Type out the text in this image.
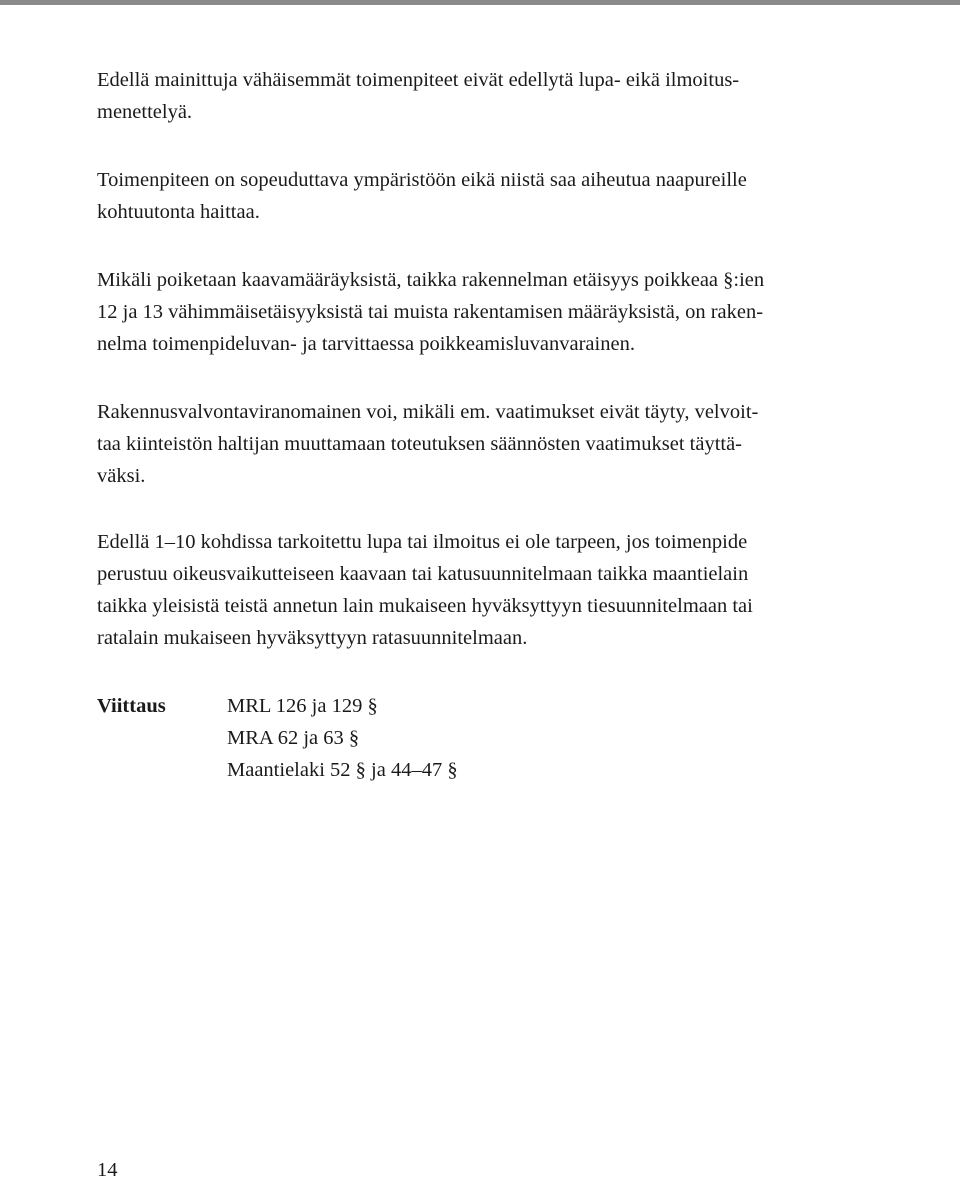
Edellä mainittuja vähäisemmät toimenpiteet eivät edellytä lupa- eikä ilmoitus-
menettelyä.

Toimenpiteen on sopeuduttava ympäristöön eikä niistä saa aiheutua naapureille
kohtuutonta haittaa.

Mikäli poiketaan kaavamääräyksistä, taikka rakennelman etäisyys poikkeaa §:ien
12 ja 13 vähimmäisetäisyyksistä tai muista rakentamisen määräyksistä, on raken-
nelma toimenpideluvan- ja tarvittaessa poikkeamisluvanvarainen.

Rakennusvalvontaviranomainen voi, mikäli em. vaatimukset eivät täyty, velvoit-
taa kiinteistön haltijan muuttamaan toteutuksen säännösten vaatimukset täyttä-
väksi.

Edellä 1–10 kohdissa tarkoitettu lupa tai ilmoitus ei ole tarpeen, jos toimenpide
perustuu oikeusvaikutteiseen kaavaan tai katusuunnitelmaan taikka maantielain
taikka yleisistä teistä annetun lain mukaiseen hyväksyttyyn tiesuunnitelmaan tai
ratalain mukaiseen hyväksyttyyn ratasuunnitelmaan.

Viittaus	MRL 126 ja 129 §
MRA 62 ja 63 §
Maantielaki 52 § ja 44–47 §
14
